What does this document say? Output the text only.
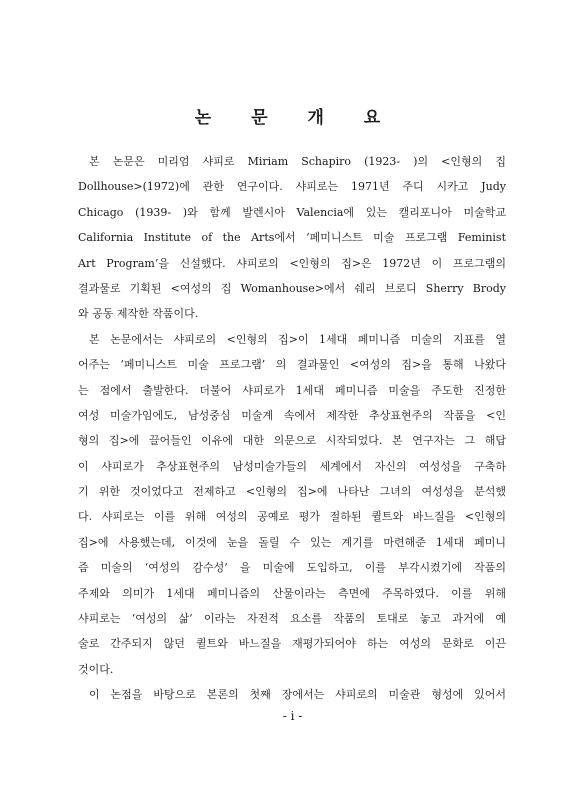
논 문 개 요

본 논문은 미리엄 샤피로 Miriam Schapiro (1923- )의 <인형의 집
Dollhouse>(1972)에 관한 연구이다. 샤피로는 1971년 주디 시카고 Judy
Chicago (1939- )와 함께 발렌시아 Valencia에 있는 캘리포니아 미술학교
California Institute of the Arts에서 ‘페미니스트 미술 프로그램 Feminist
Art Program’을 신설했다. 샤피로의 <인형의 집>은 1972년 이 프로그램의
결과물로 기획된 <여성의 집 Womanhouse>에서 쉐리 브로디 Sherry Brody
와 공동 제작한 작품이다.

본 논문에서는 샤피로의 <인형의 집>이 1세대 페미니즘 미술의 지표를 열
어주는 ‘페미니스트 미술 프로그램’ 의 결과물인 <여성의 집>을 통해 나왔다
는 점에서 출발한다. 더불어 샤피로가 1세대 페미니즘 미술을 주도한 진정한
여성 미술가임에도, 남성중심 미술계 속에서 제작한 추상표현주의 작품을 <인
형의 집>에 끌어들인 이유에 대한 의문으로 시작되었다. 본 연구자는 그 해답
이 샤피로가 추상표현주의 남성미술가들의 세계에서 자신의 여성성을 구축하
기 위한 것이었다고 전제하고 <인형의 집>에 나타난 그녀의 여성성을 분석했
다. 샤피로는 이를 위해 여성의 공예로 평가 절하된 퀼트와 바느질을 <인형의
집>에 사용했는데, 이것에 눈을 돌릴 수 있는 계기를 마련해준 1세대 페미니
즘 미술의 ‘여성의 감수성’ 을 미술에 도입하고, 이를 부각시켰기에 작품의
주제와 의미가 1세대 페미니즘의 산물이라는 측면에 주목하였다. 이를 위해
샤피로는 ‘여성의 삶’ 이라는 자전적 요소를 작품의 토대로 놓고 과거에 예
술로 간주되지 않던 퀼트와 바느질을 재평가되어야 하는 여성의 문화로 이끈
것이다.

이 논점을 바탕으로 본론의 첫째 장에서는 샤피로의 미술관 형성에 있어서

- i -
